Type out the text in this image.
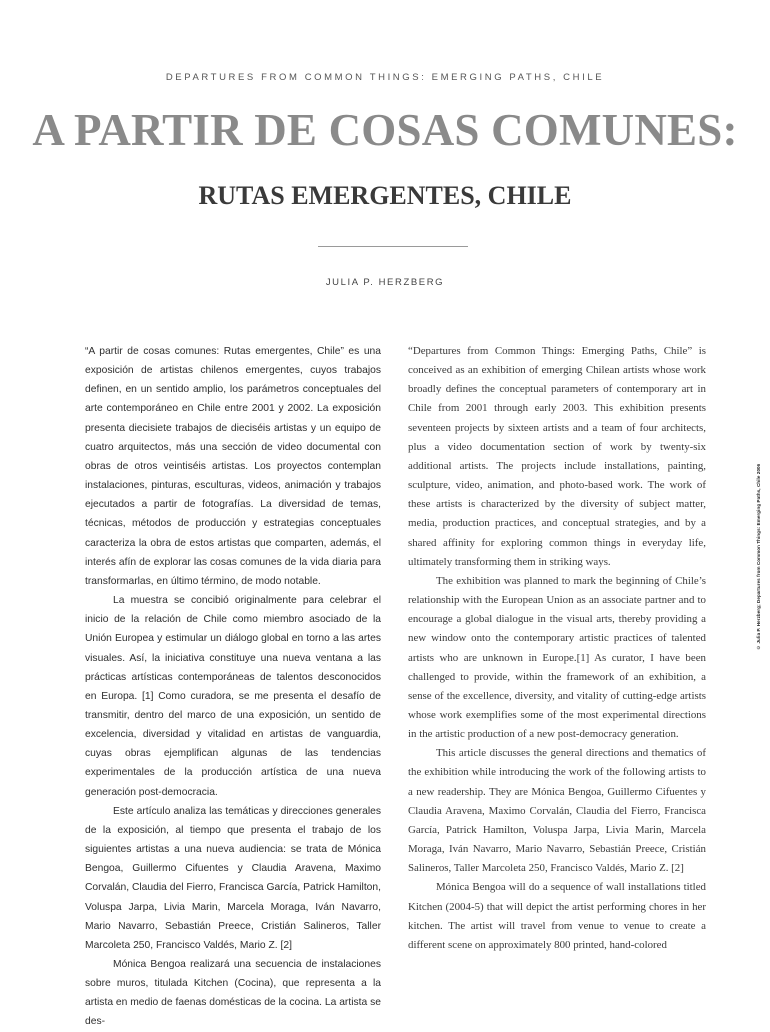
DEPARTURES FROM COMMON THINGS: EMERGING PATHS, CHILE
A PARTIR DE COSAS COMUNES:
RUTAS EMERGENTES, CHILE
JULIA P. HERZBERG

“A partir de cosas comunes: Rutas emergentes, Chile” es una exposición de artistas chilenos emergentes, cuyos trabajos definen, en un sentido amplio, los parámetros conceptuales del arte contemporáneo en Chile entre 2001 y 2002. La exposición presenta diecisiete trabajos de dieciséis artistas y un equipo de cuatro arquitectos, más una sección de video documental con obras de otros veintiséis artistas. Los proyectos contemplan instalaciones, pinturas, esculturas, videos, animación y trabajos ejecutados a partir de fotografías. La diversidad de temas, técnicas, métodos de producción y estrategias conceptuales caracteriza la obra de estos artistas que comparten, además, el interés afín de explorar las cosas comunes de la vida diaria para transformarlas, en último término, de modo notable.

La muestra se concibió originalmente para celebrar el inicio de la relación de Chile como miembro asociado de la Unión Europea y estimular un diálogo global en torno a las artes visuales. Así, la iniciativa constituye una nueva ventana a las prácticas artísticas contemporáneas de talentos desconocidos en Europa. [1] Como curadora, se me presenta el desafío de transmitir, dentro del marco de una exposición, un sentido de excelencia, diversidad y vitalidad en artistas de vanguardia, cuyas obras ejemplifican algunas de las tendencias experimentales de la producción artística de una nueva generación post-democracia.

Este artículo analiza las temáticas y direcciones generales de la exposición, al tiempo que presenta el trabajo de los siguientes artistas a una nueva audiencia: se trata de Mónica Bengoa, Guillermo Cifuentes y Claudia Aravena, Maximo Corvalán, Claudia del Fierro, Francisca García, Patrick Hamilton, Voluspa Jarpa, Livia Marin, Marcela Moraga, Iván Navarro, Mario Navarro, Sebastián Preece, Cristián Salineros, Taller Marcoleta 250, Francisco Valdés, Mario Z. [2]

Mónica Bengoa realizará una secuencia de instalaciones sobre muros, titulada Kitchen (Cocina), que representa a la artista en medio de faenas domésticas de la cocina. La artista se des-

“Departures from Common Things: Emerging Paths, Chile” is conceived as an exhibition of emerging Chilean artists whose work broadly defines the conceptual parameters of contemporary art in Chile from 2001 through early 2003. This exhibition presents seventeen projects by sixteen artists and a team of four architects, plus a video documentation section of work by twenty-six additional artists. The projects include installations, painting, sculpture, video, animation, and photo-based work. The work of these artists is characterized by the diversity of subject matter, media, production practices, and conceptual strategies, and by a shared affinity for exploring common things in everyday life, ultimately transforming them in striking ways.

The exhibition was planned to mark the beginning of Chile’s relationship with the European Union as an associate partner and to encourage a global dialogue in the visual arts, thereby providing a new window onto the contemporary artistic practices of talented artists who are unknown in Europe.[1] As curator, I have been challenged to provide, within the framework of an exhibition, a sense of the excellence, diversity, and vitality of cutting-edge artists whose work exemplifies some of the most experimental directions in the artistic production of a new post-democracy generation.

This article discusses the general directions and thematics of the exhibition while introducing the work of the following artists to a new readership. They are Mónica Bengoa, Guillermo Cifuentes y Claudia Aravena, Maximo Corvalán, Claudia del Fierro, Francisca García, Patrick Hamilton, Voluspa Jarpa, Livia Marin, Marcela Moraga, Iván Navarro, Mario Navarro, Sebastián Preece, Cristián Salineros, Taller Marcoleta 250, Francisco Valdés, Mario Z. [2]

Mónica Bengoa will do a sequence of wall installations titled Kitchen (2004-5) that will depict the artist performing chores in her kitchen. The artist will travel from venue to venue to create a different scene on approximately 800 printed, hand-colored

© Julia P. Herzberg; Departures from Common Things: Emerging Paths, Chile 2006
